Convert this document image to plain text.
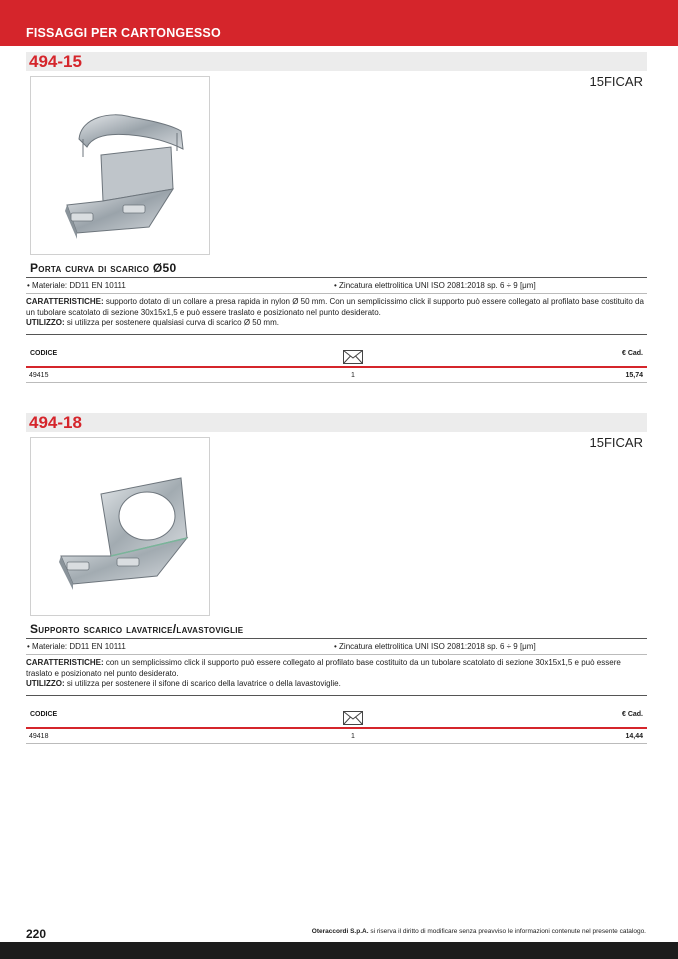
FISSAGGI PER CARTONGESSO
494-15
15FICAR
Porta curva di scarico Ø50
• Materiale: DD11 EN 10111	• Zincatura elettrolitica UNI ISO 2081:2018 sp. 6 ÷ 9 [μm]
CARATTERISTICHE: supporto dotato di un collare a presa rapida in nylon Ø 50 mm. Con un semplicissimo click il supporto può essere collegato al profilato base costituito da un tubolare scatolato di sezione 30x15x1,5 e può essere traslato e posizionato nel punto desiderato.
UTILIZZO: si utilizza per sostenere qualsiasi curva di scarico Ø 50 mm.
CODICE	€ Cad.
49415	1	15,74
494-18
15FICAR
Supporto scarico lavatrice/lavastoviglie
• Materiale: DD11 EN 10111	• Zincatura elettrolitica UNI ISO 2081:2018 sp. 6 ÷ 9 [μm]
CARATTERISTICHE: con un semplicissimo click il supporto può essere collegato al profilato base costituito da un tubolare scatolato di sezione 30x15x1,5 e può essere traslato e posizionato nel punto desiderato.
UTILIZZO: si utilizza per sostenere il sifone di scarico della lavatrice o della lavastoviglie.
CODICE	€ Cad.
49418	1	14,44
220	Oteraccordi S.p.A. si riserva il diritto di modificare senza preavviso le informazioni contenute nel presente catalogo.
